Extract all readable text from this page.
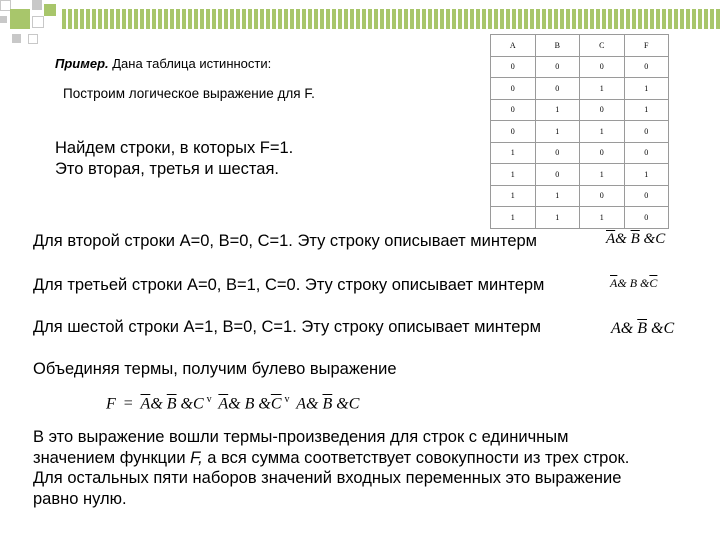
Пример. Дана таблица истинности:
Построим логическое выражение для F.
Найдем строки, в которых F=1.
Это вторая, третья и шестая.
A	B	C	F
0	0	0	0
0	0	1	1
0	1	0	1
0	1	1	0
1	0	0	0
1	0	1	1
1	1	0	0
1	1	1	0
Для второй строки A=0, B=0, C=1. Эту строку описывает минтерм	$\overline{A}\&$ $\overline{B}$ &C
Для третьей строки A=0, B=1, C=0. Эту строку описывает минтерм	$\overline{A}\&$ B $\&\overline{C}$
Для шестой строки A=1, B=0, C=1. Эту строку описывает минтерм	A& $\overline{B}$ &C
Объединяя термы, получим булево выражение
$F = \overline{A}\&$ $\overline{B}$ &C $^v$ $\overline{A}\&$ B $\&\overline{C}$ $^v$ A& $\overline{B}$ &C
В это выражение вошли термы-произведения для строк с единичным
значением функции F, а вся сумма соответствует совокупности из трех строк.
Для остальных пяти наборов значений входных переменных это выражение
равно нулю.
